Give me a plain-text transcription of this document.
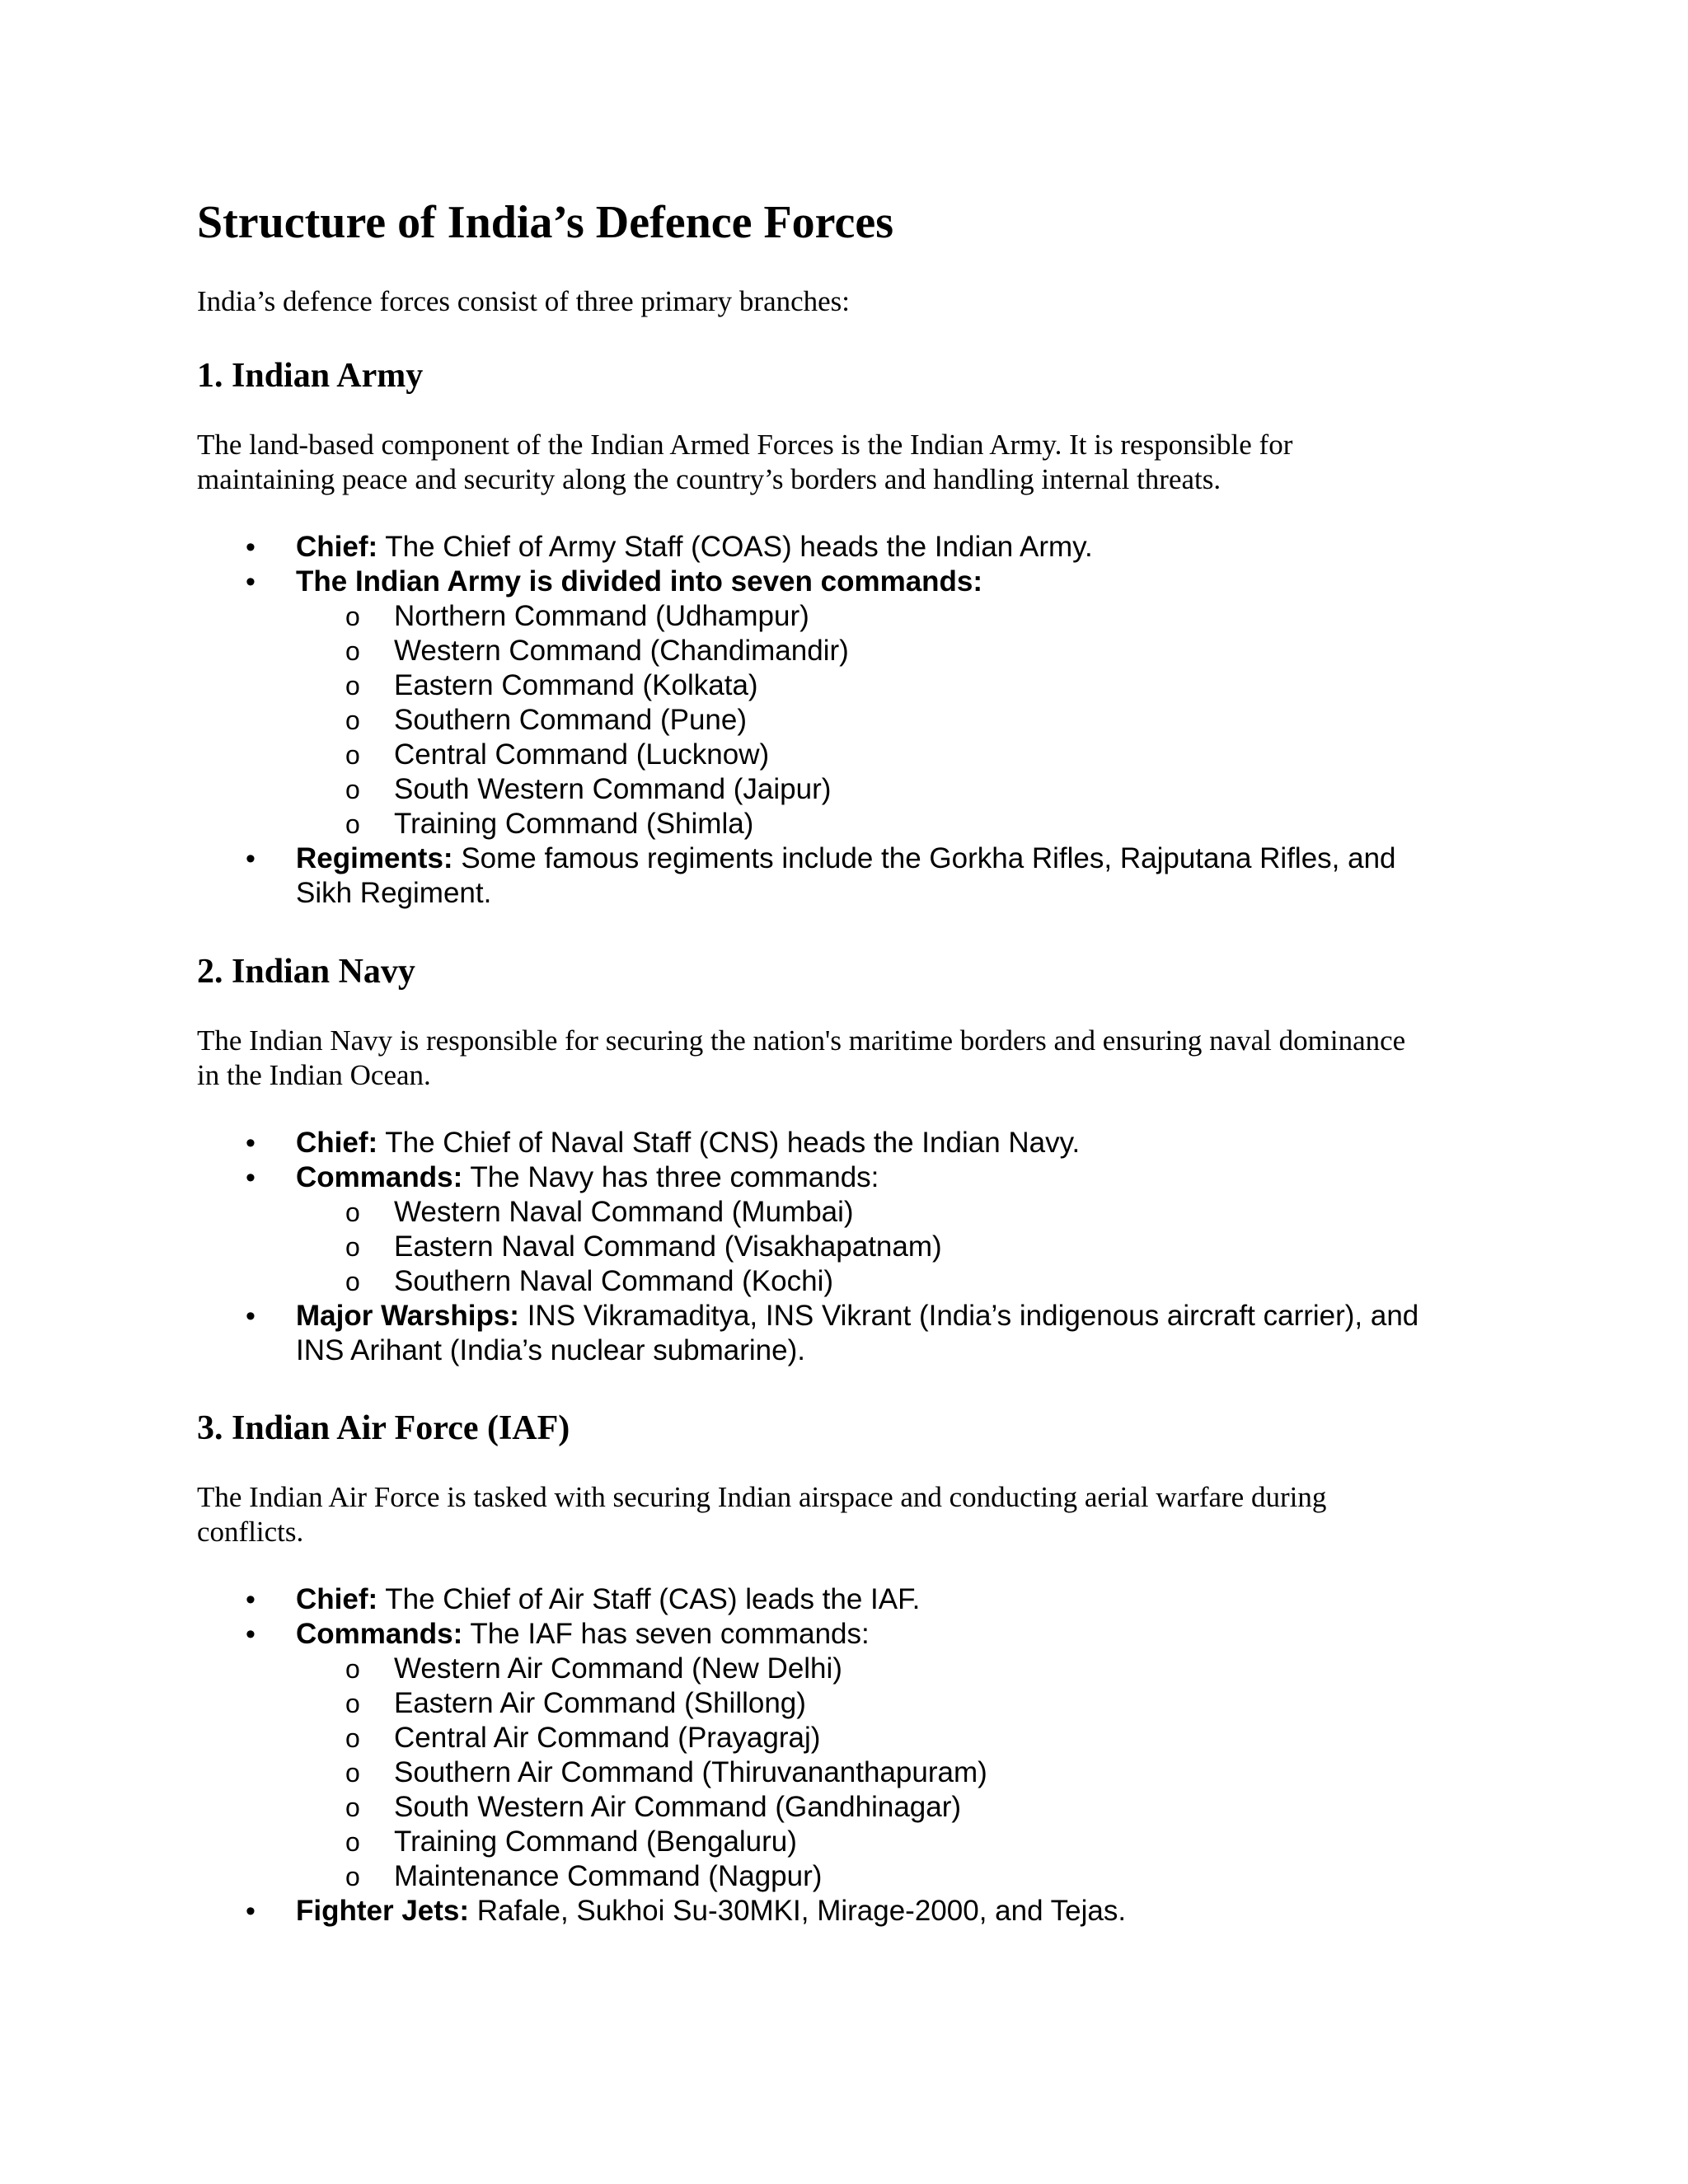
Structure of India’s Defence Forces

India’s defence forces consist of three primary branches:

1. Indian Army

The land-based component of the Indian Armed Forces is the Indian Army. It is responsible for

maintaining peace and security along the country’s borders and handling internal threats.

• Chief: The Chief of Army Staff (COAS) heads the Indian Army.

• The Indian Army is divided into seven commands:

o Northern Command (Udhampur)

o Western Command (Chandimandir)

o Eastern Command (Kolkata)

o Southern Command (Pune)

o Central Command (Lucknow)

o South Western Command (Jaipur)

o Training Command (Shimla)

• Regiments: Some famous regiments include the Gorkha Rifles, Rajputana Rifles, and

Sikh Regiment.

2. Indian Navy

The Indian Navy is responsible for securing the nation's maritime borders and ensuring naval dominance

in the Indian Ocean.

• Chief: The Chief of Naval Staff (CNS) heads the Indian Navy.

• Commands: The Navy has three commands:

o Western Naval Command (Mumbai)

o Eastern Naval Command (Visakhapatnam)

o Southern Naval Command (Kochi)

• Major Warships: INS Vikramaditya, INS Vikrant (India’s indigenous aircraft carrier), and

INS Arihant (India’s nuclear submarine).

3. Indian Air Force (IAF)

The Indian Air Force is tasked with securing Indian airspace and conducting aerial warfare during

conflicts.

• Chief: The Chief of Air Staff (CAS) leads the IAF.

• Commands: The IAF has seven commands:

o Western Air Command (New Delhi)

o Eastern Air Command (Shillong)

o Central Air Command (Prayagraj)

o Southern Air Command (Thiruvananthapuram)

o South Western Air Command (Gandhinagar)

o Training Command (Bengaluru)

o Maintenance Command (Nagpur)

• Fighter Jets: Rafale, Sukhoi Su-30MKI, Mirage-2000, and Tejas.
